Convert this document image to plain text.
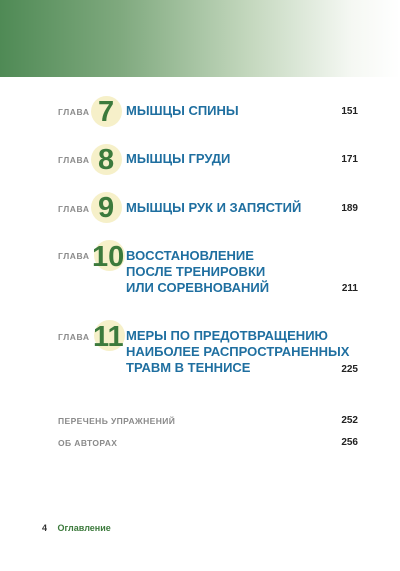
ГЛАВА 7 МЫШЦЫ СПИНЫ	151
ГЛАВА 8 МЫШЦЫ ГРУДИ	171
ГЛАВА 9 МЫШЦЫ РУК И ЗАПЯСТИЙ	189
ГЛАВА 10 ВОССТАНОВЛЕНИЕ
ПОСЛЕ ТРЕНИРОВКИ
ИЛИ СОРЕВНОВАНИЙ	211
ГЛАВА 11 МЕРЫ ПО ПРЕДОТВРАЩЕНИЮ
НАИБОЛЕЕ РАСПРОСТРАНЕННЫХ
ТРАВМ В ТЕННИСЕ	225
ПЕРЕЧЕНЬ УПРАЖНЕНИЙ	252
ОБ АВТОРАХ	256
4 Оглавление
